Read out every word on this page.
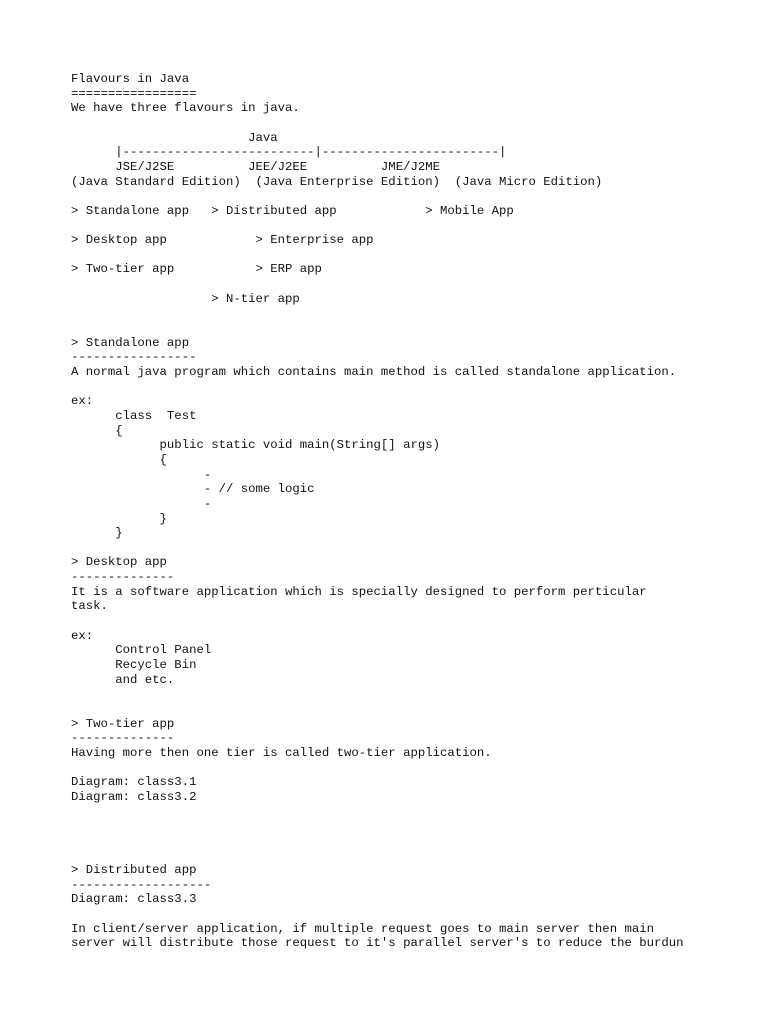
Flavours in Java
=================
We have three flavours in java.
Java
|--------------------------|------------------------|
JSE/J2SE          JEE/J2EE          JME/J2ME
(Java Standard Edition)  (Java Enterprise Edition)  (Java Micro Edition)
> Standalone app   > Distributed app            > Mobile App
> Desktop app            > Enterprise app
> Two-tier app           > ERP app
> N-tier app
> Standalone app
-----------------
A normal java program which contains main method is called standalone application.
ex:
class  Test
{
public static void main(String[] args)
{
-
- // some logic
-
}
}
> Desktop app
--------------
It is a software application which is specially designed to perform perticular
task.
ex:
Control Panel
Recycle Bin
and etc.
> Two-tier app
--------------
Having more then one tier is called two-tier application.
Diagram: class3.1
Diagram: class3.2
> Distributed app
-------------------
Diagram: class3.3
In client/server application, if multiple request goes to main server then main
server will distribute those request to it's parallel server's to reduce the burdun
